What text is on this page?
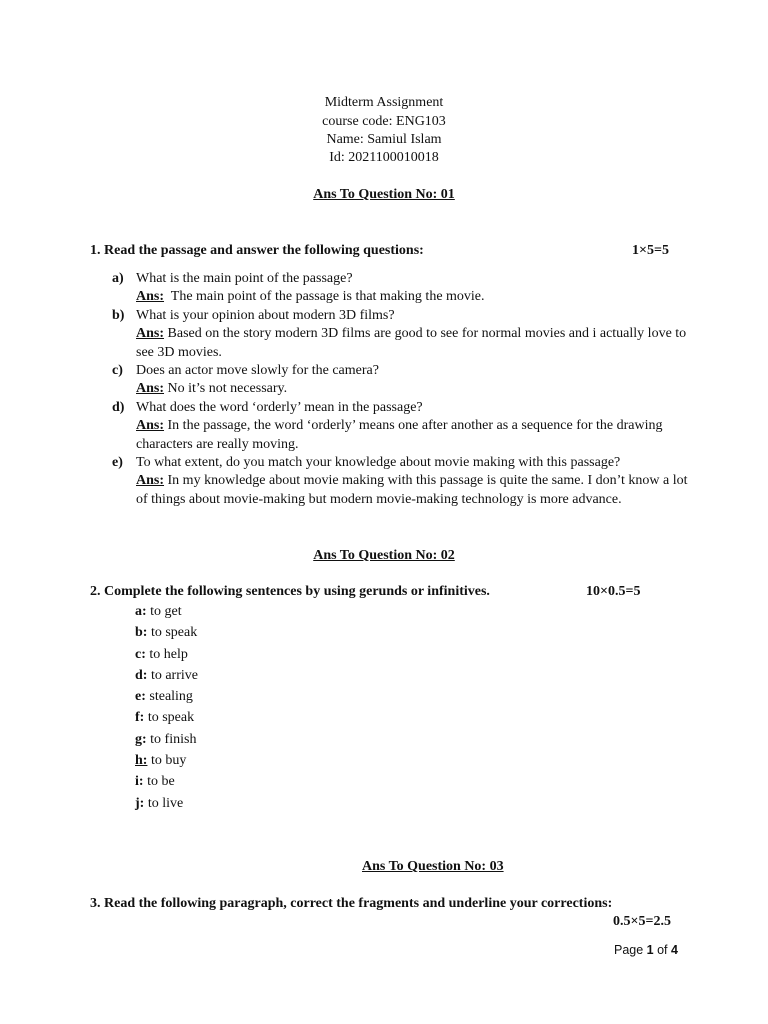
Midterm Assignment
course code: ENG103
Name: Samiul Islam
Id: 2021100010018
Ans To Question No: 01
1. Read the passage and answer the following questions:	1×5=5
a) What is the main point of the passage?
Ans:  The main point of the passage is that making the movie.
b) What is your opinion about modern 3D films?
Ans: Based on the story modern 3D films are good to see for normal movies and i actually love to see 3D movies.
c) Does an actor move slowly for the camera?
Ans: No it’s not necessary.
d) What does the word ‘orderly’ mean in the passage?
Ans: In the passage, the word ‘orderly’ means one after another as a sequence for the drawing characters are really moving.
e) To what extent, do you match your knowledge about movie making with this passage?
Ans: In my knowledge about movie making with this passage is quite the same. I don’t know a lot of things about movie-making but modern movie-making technology is more advance.
Ans To Question No: 02
2. Complete the following sentences by using gerunds or infinitives.	10×0.5=5
a: to get
b: to speak
c: to help
d: to arrive
e: stealing
f: to speak
g: to finish
h: to buy
i: to be
j: to live
Ans To Question No: 03
3. Read the following paragraph, correct the fragments and underline your corrections:
0.5×5=2.5
Page 1 of 4
